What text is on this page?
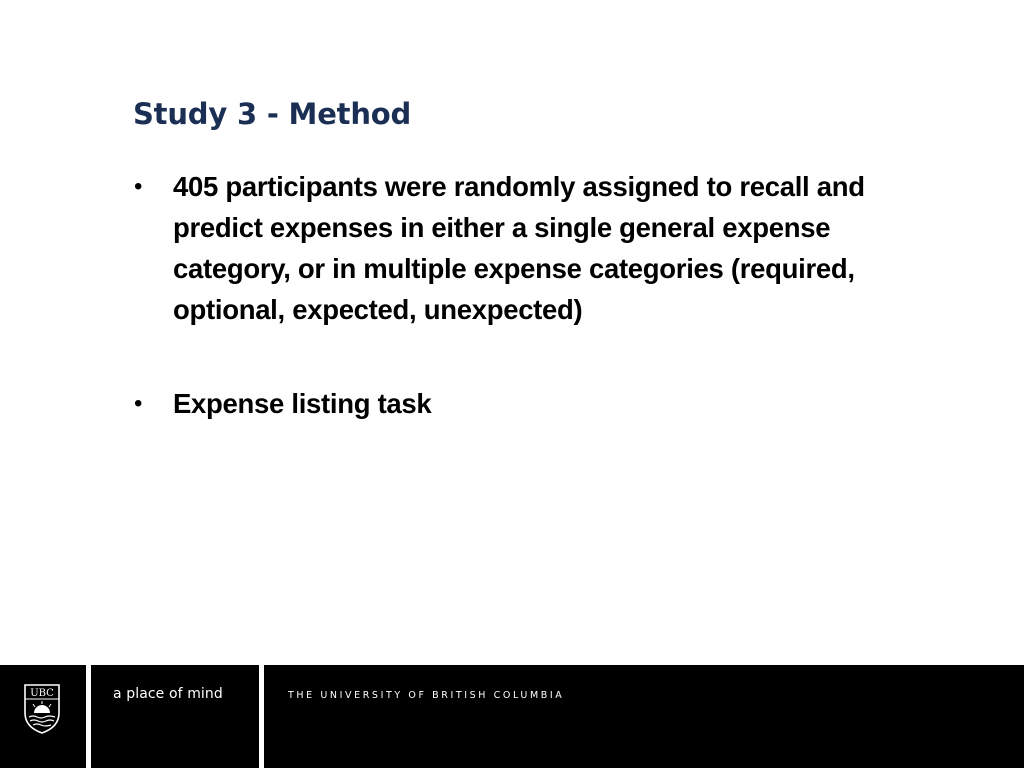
Study 3 - Method
• 405 participants were randomly assigned to recall and predict expenses in either a single general expense category, or in multiple expense categories (required, optional, expected, unexpected)
• Expense listing task
UBC	a place of mind	THE UNIVERSITY OF BRITISH COLUMBIA
